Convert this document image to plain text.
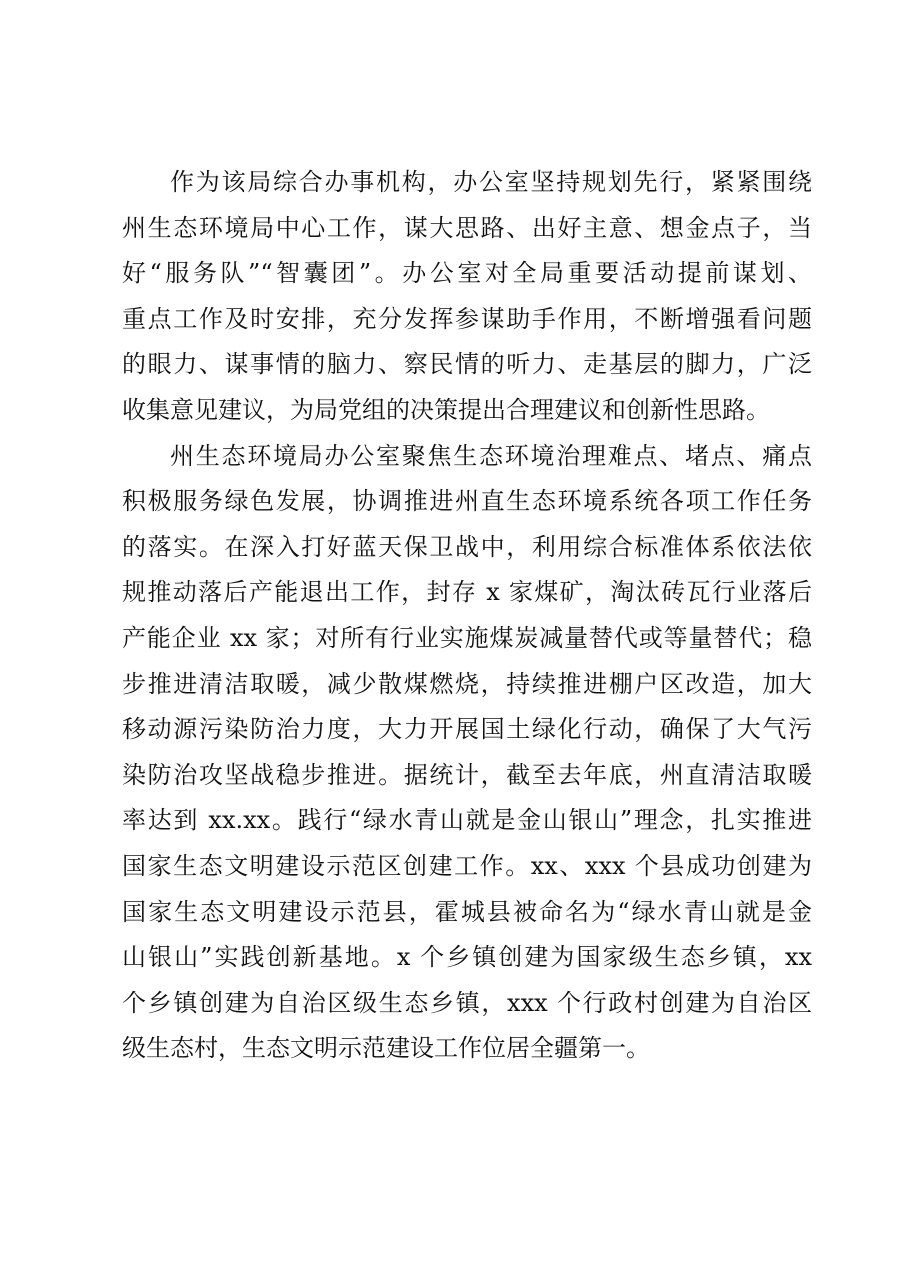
作为该局综合办事机构，办公室坚持规划先行，紧紧围绕
州生态环境局中心工作，谋大思路、出好主意、想金点子，当
好“服务队”“智囊团”。办公室对全局重要活动提前谋划、
重点工作及时安排，充分发挥参谋助手作用，不断增强看问题
的眼力、谋事情的脑力、察民情的听力、走基层的脚力，广泛
收集意见建议，为局党组的决策提出合理建议和创新性思路。
州生态环境局办公室聚焦生态环境治理难点、堵点、痛点
积极服务绿色发展，协调推进州直生态环境系统各项工作任务
的落实。在深入打好蓝天保卫战中，利用综合标准体系依法依
规推动落后产能退出工作，封存 x 家煤矿，淘汰砖瓦行业落后
产能企业 xx 家；对所有行业实施煤炭减量替代或等量替代；稳
步推进清洁取暖，减少散煤燃烧，持续推进棚户区改造，加大
移动源污染防治力度，大力开展国土绿化行动，确保了大气污
染防治攻坚战稳步推进。据统计，截至去年底，州直清洁取暖
率达到 xx.xx。践行“绿水青山就是金山银山”理念，扎实推进
国家生态文明建设示范区创建工作。xx、xxx 个县成功创建为
国家生态文明建设示范县，霍城县被命名为“绿水青山就是金
山银山”实践创新基地。x 个乡镇创建为国家级生态乡镇，xx
个乡镇创建为自治区级生态乡镇，xxx 个行政村创建为自治区
级生态村，生态文明示范建设工作位居全疆第一。
